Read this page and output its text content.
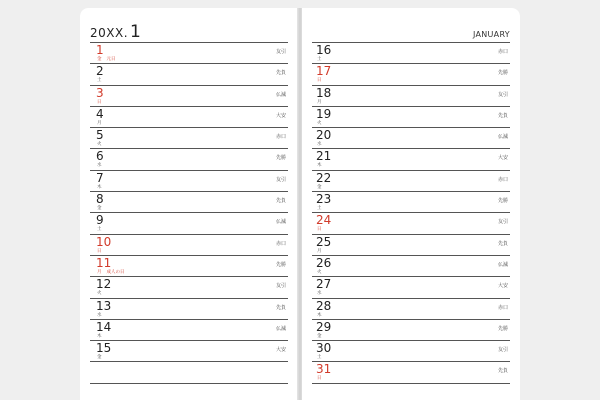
20XX. 1
1
金 元日
友引
2
土
先負
3
日
仏滅
4
月
大安
5
火
赤口
6
水
先勝
7
木
友引
8
金
先負
9
土
仏滅
10
日
赤口
11
月 成人の日
先勝
12
火
友引
13
水
先負
14
木
仏滅
15
金
大安
JANUARY
16
土
赤口
17
日
先勝
18
月
友引
19
火
先負
20
水
仏滅
21
木
大安
22
金
赤口
23
土
先勝
24
日
友引
25
月
先負
26
火
仏滅
27
水
大安
28
木
赤口
29
金
先勝
30
土
友引
31
日
先負
